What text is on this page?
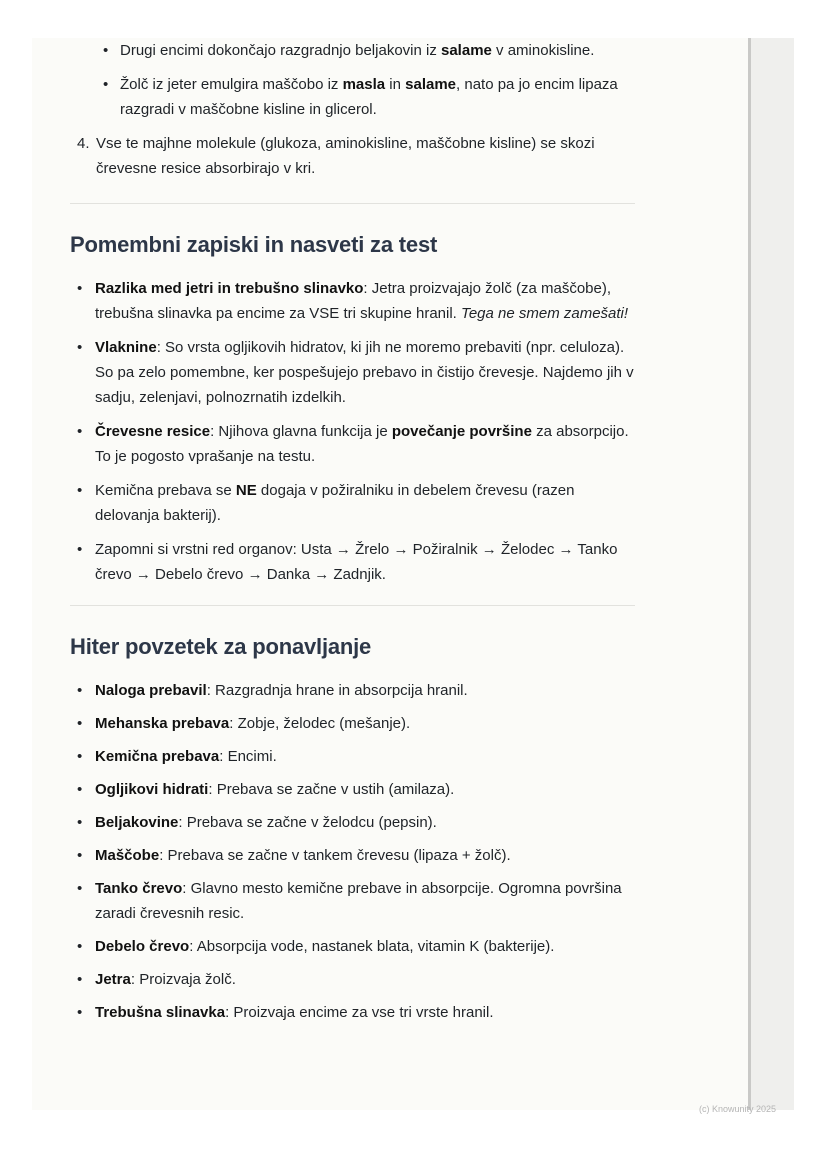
• Drugi encimi dokončajo razgradnjo beljakovin iz salame v aminokisline.
• Žolč iz jeter emulgira maščobo iz masla in salame, nato pa jo encim lipaza razgradi v maščobne kisline in glicerol.
4. Vse te majhne molekule (glukoza, aminokisline, maščobne kisline) se skozi črevesne resice absorbirajo v kri.
Pomembni zapiski in nasveti za test
• Razlika med jetri in trebušno slinavko: Jetra proizvajajo žolč (za maščobe), trebušna slinavka pa encime za VSE tri skupine hranil. Tega ne smem zamešati!
• Vlaknine: So vrsta ogljikovih hidratov, ki jih ne moremo prebaviti (npr. celuloza). So pa zelo pomembne, ker pospešujejo prebavo in čistijo črevesje. Najdemo jih v sadju, zelenjavi, polnozrnatih izdelkih.
• Črevesne resice: Njihova glavna funkcija je povečanje površine za absorpcijo. To je pogosto vprašanje na testu.
• Kemična prebava se NE dogaja v požiralniku in debelem črevesu (razen delovanja bakterij).
• Zapomni si vrstni red organov: Usta → Žrelo → Požiralnik → Želodec → Tanko črevo → Debelo črevo → Danka → Zadnjik.
Hiter povzetek za ponavljanje
• Naloga prebavil: Razgradnja hrane in absorpcija hranil.
• Mehanska prebava: Zobje, želodec (mešanje).
• Kemična prebava: Encimi.
• Ogljikovi hidrati: Prebava se začne v ustih (amilaza).
• Beljakovine: Prebava se začne v želodcu (pepsin).
• Maščobe: Prebava se začne v tankem črevesu (lipaza + žolč).
• Tanko črevo: Glavno mesto kemične prebave in absorpcije. Ogromna površina zaradi črevesnih resic.
• Debelo črevo: Absorpcija vode, nastanek blata, vitamin K (bakterije).
• Jetra: Proizvaja žolč.
• Trebušna slinavka: Proizvaja encime za vse tri vrste hranil.
(c) Knowunity 2025
